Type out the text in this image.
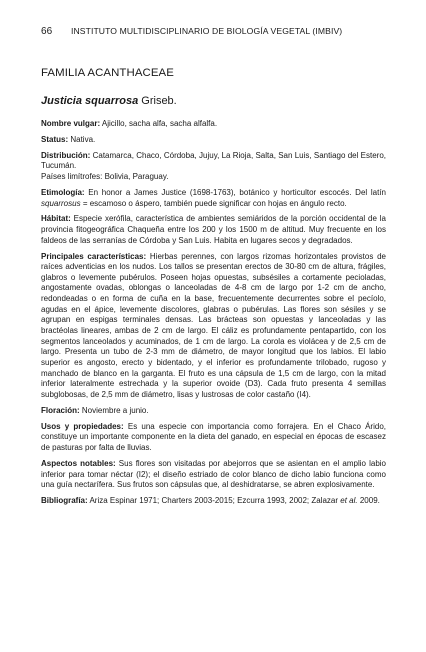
66 INSTITUTO MULTIDISCIPLINARIO DE BIOLOGÍA VEGETAL (IMBIV)
FAMILIA ACANTHACEAE
Justicia squarrosa Griseb.

Nombre vulgar: Ajicillo, sacha alfa, sacha alfalfa.

Status: Nativa.

Distribución: Catamarca, Chaco, Córdoba, Jujuy, La Rioja, Salta, San Luis, Santiago del Estero, Tucumán.
Países limítrofes: Bolivia, Paraguay.

Etimología: En honor a James Justice (1698-1763), botánico y horticultor escocés. Del latín squarrosus = escamoso o áspero, también puede significar con hojas en ángulo recto.

Hábitat: Especie xerófila, característica de ambientes semiáridos de la porción occidental de la provincia fitogeográfica Chaqueña entre los 200 y los 1500 m de altitud. Muy frecuente en los faldeos de las serranías de Córdoba y San Luis. Habita en lugares secos y degradados.

Principales características: Hierbas perennes, con largos rizomas horizontales provistos de raíces adventicias en los nudos. Los tallos se presentan erectos de 30-80 cm de altura, frágiles, glabros o levemente pubérulos. Poseen hojas opuestas, subsésiles a cortamente pecioladas, angostamente ovadas, oblongas o lanceoladas de 4-8 cm de largo por 1-2 cm de ancho, redondeadas o en forma de cuña en la base, frecuentemente decurrentes sobre el pecíolo, agudas en el ápice, levemente discolores, glabras o pubérulas. Las flores son sésiles y se agrupan en espigas terminales densas. Las brácteas son opuestas y lanceoladas y las bractéolas lineares, ambas de 2 cm de largo. El cáliz es profundamente pentapartido, con los segmentos lanceolados y acuminados, de 1 cm de largo. La corola es violácea y de 2,5 cm de largo. Presenta un tubo de 2-3 mm de diámetro, de mayor longitud que los labios. El labio superior es angosto, erecto y bidentado, y el inferior es profundamente trilobado, rugoso y manchado de blanco en la garganta. El fruto es una cápsula de 1,5 cm de largo, con la mitad inferior lateralmente estrechada y la superior ovoide (D3). Cada fruto presenta 4 semillas subglobosas, de 2,5 mm de diámetro, lisas y lustrosas de color castaño (I4).

Floración: Noviembre a junio.

Usos y propiedades: Es una especie con importancia como forrajera. En el Chaco Árido, constituye un importante componente en la dieta del ganado, en especial en épocas de escasez de pasturas por falta de lluvias.

Aspectos notables: Sus flores son visitadas por abejorros que se asientan en el amplio labio inferior para tomar néctar (I2); el diseño estriado de color blanco de dicho labio funciona como una guía nectarífera. Sus frutos son cápsulas que, al deshidratarse, se abren explosivamente.

Bibliografía: Ariza Espinar 1971; Charters 2003-2015; Ezcurra 1993, 2002; Zalazar et al. 2009.
